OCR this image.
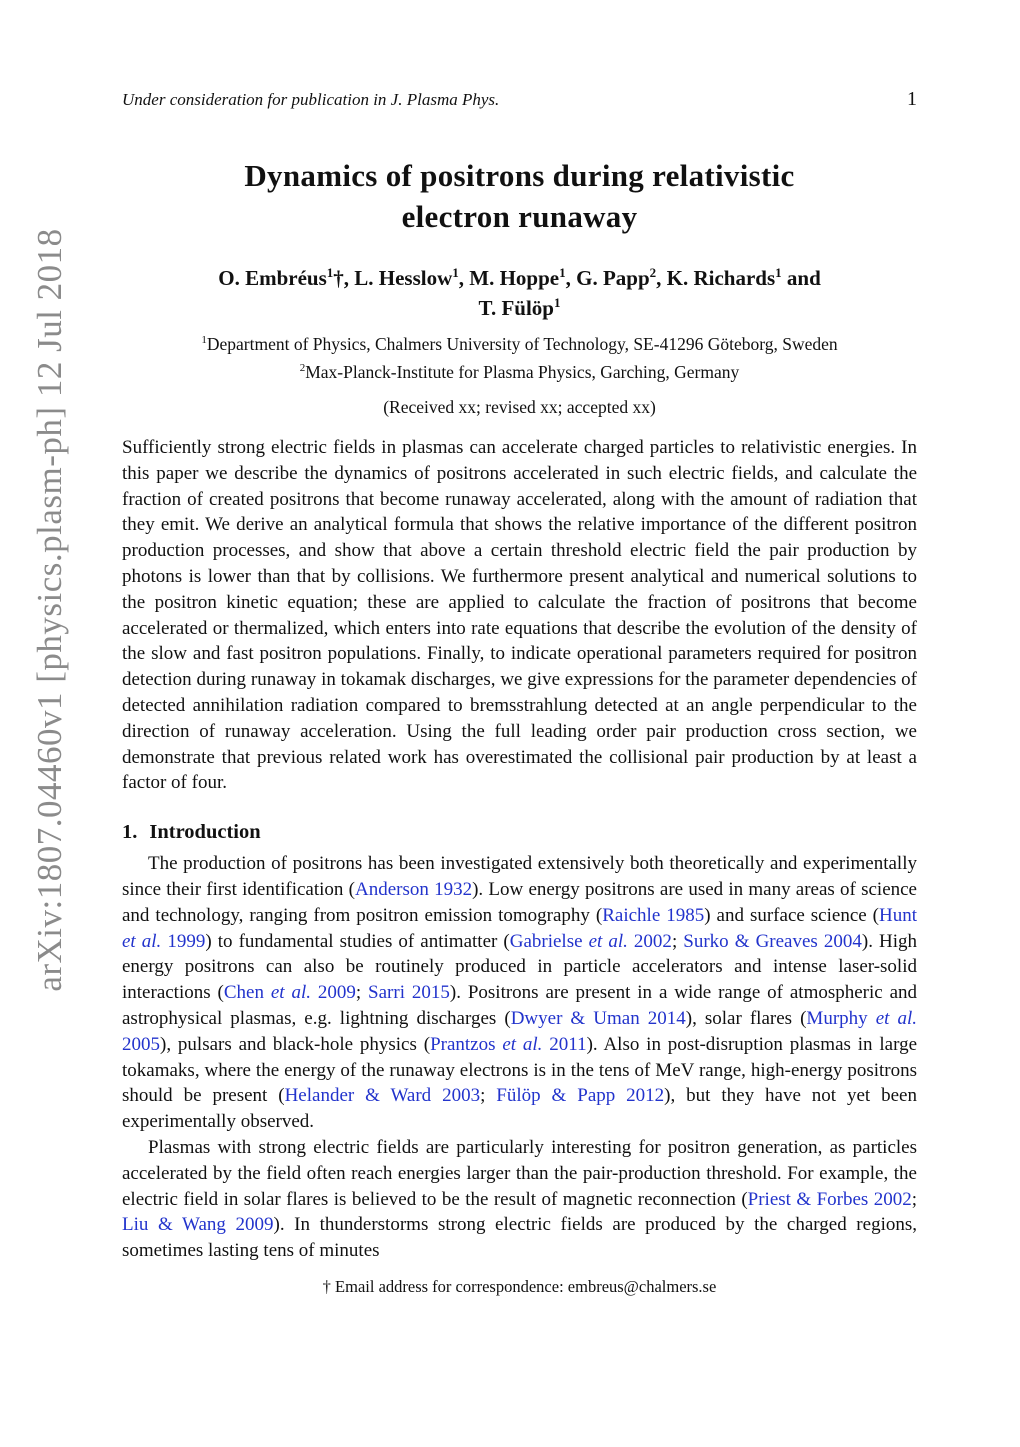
arXiv:1807.04460v1 [physics.plasm-ph] 12 Jul 2018
Under consideration for publication in J. Plasma Phys.	1
Dynamics of positrons during relativistic
electron runaway
O. Embréus$^1$†, L. Hesslow$^1$, M. Hoppe$^1$, G. Papp$^2$, K. Richards$^1$ and
T. Fülöp$^1$
$^1$Department of Physics, Chalmers University of Technology, SE-41296 Göteborg, Sweden
$^2$Max-Planck-Institute for Plasma Physics, Garching, Germany
(Received xx; revised xx; accepted xx)
Sufficiently strong electric fields in plasmas can accelerate charged particles to relativistic energies. In this paper we describe the dynamics of positrons accelerated in such electric fields, and calculate the fraction of created positrons that become runaway accelerated, along with the amount of radiation that they emit. We derive an analytical formula that shows the relative importance of the different positron production processes, and show that above a certain threshold electric field the pair production by photons is lower than that by collisions. We furthermore present analytical and numerical solutions to the positron kinetic equation; these are applied to calculate the fraction of positrons that become accelerated or thermalized, which enters into rate equations that describe the evolution of the density of the slow and fast positron populations. Finally, to indicate operational parameters required for positron detection during runaway in tokamak discharges, we give expressions for the parameter dependencies of detected annihilation radiation compared to bremsstrahlung detected at an angle perpendicular to the direction of runaway acceleration. Using the full leading order pair production cross section, we demonstrate that previous related work has overestimated the collisional pair production by at least a factor of four.
1. Introduction

The production of positrons has been investigated extensively both theoretically and experimentally since their first identification (Anderson 1932). Low energy positrons are used in many areas of science and technology, ranging from positron emission tomography (Raichle 1985) and surface science (Hunt et al. 1999) to fundamental studies of antimatter (Gabrielse et al. 2002; Surko & Greaves 2004). High energy positrons can also be routinely produced in particle accelerators and intense laser-solid interactions (Chen et al. 2009; Sarri 2015). Positrons are present in a wide range of atmospheric and astrophysical plasmas, e.g. lightning discharges (Dwyer & Uman 2014), solar flares (Murphy et al. 2005), pulsars and black-hole physics (Prantzos et al. 2011). Also in post-disruption plasmas in large tokamaks, where the energy of the runaway electrons is in the tens of MeV range, high-energy positrons should be present (Helander & Ward 2003; Fülöp & Papp 2012), but they have not yet been experimentally observed.

Plasmas with strong electric fields are particularly interesting for positron generation, as particles accelerated by the field often reach energies larger than the pair-production threshold. For example, the electric field in solar flares is believed to be the result of magnetic reconnection (Priest & Forbes 2002; Liu & Wang 2009). In thunderstorms strong electric fields are produced by the charged regions, sometimes lasting tens of minutes

† Email address for correspondence: embreus@chalmers.se
